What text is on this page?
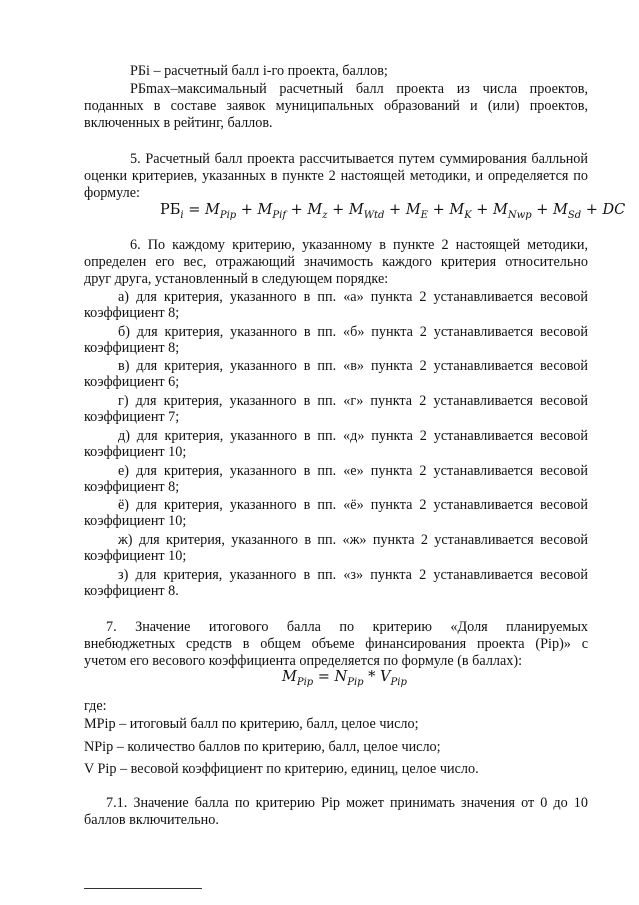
РБi – расчетный балл i-го проекта, баллов;
РБmax–максимальный расчетный балл проекта из числа проектов,
поданных в составе заявок муниципальных образований и (или) проектов,
включенных в рейтинг, баллов.
5. Расчетный балл проекта рассчитывается путем суммирования балльной
оценки критериев, указанных в пункте 2 настоящей методики, и определяется по
формуле:
$РБ_i = M_{Pip} + M_{Pif} + M_z + M_{Wtd} + M_E + M_K + M_{Nwp} + M_{Sd}$ + DC
6. По каждому критерию, указанному в пункте 2 настоящей методики,
определен его вес, отражающий значимость каждого критерия относительно
друг друга, установленный в следующем порядке:
а) для критерия, указанного в пп. «а» пункта 2 устанавливается весовой
коэффициент 8;
б) для критерия, указанного в пп. «б» пункта 2 устанавливается весовой
коэффициент 8;
в) для критерия, указанного в пп. «в» пункта 2 устанавливается весовой
коэффициент 6;
г) для критерия, указанного в пп. «г» пункта 2 устанавливается весовой
коэффициент 7;
д) для критерия, указанного в пп. «д» пункта 2 устанавливается весовой
коэффициент 10;
е) для критерия, указанного в пп. «е» пункта 2 устанавливается весовой
коэффициент 8;
ё) для критерия, указанного в пп. «ё» пункта 2 устанавливается весовой
коэффициент 10;
ж) для критерия, указанного в пп. «ж» пункта 2 устанавливается весовой
коэффициент 10;
з) для критерия, указанного в пп. «з» пункта 2 устанавливается весовой
коэффициент 8.
7. Значение итогового балла по критерию «Доля планируемых
внебюджетных средств в общем объеме финансирования проекта (Pip)» с
учетом его весового коэффициента определяется по формуле (в баллах):
$M_{Pip} = N_{Pip} * V_{Pip}$
где:
MPip – итоговый балл по критерию, балл, целое число;
NPip – количество баллов по критерию, балл, целое число;
V Pip – весовой коэффициент по критерию, единиц, целое число.
7.1. Значение балла по критерию Pip может принимать значения от 0 до 10
баллов включительно.
